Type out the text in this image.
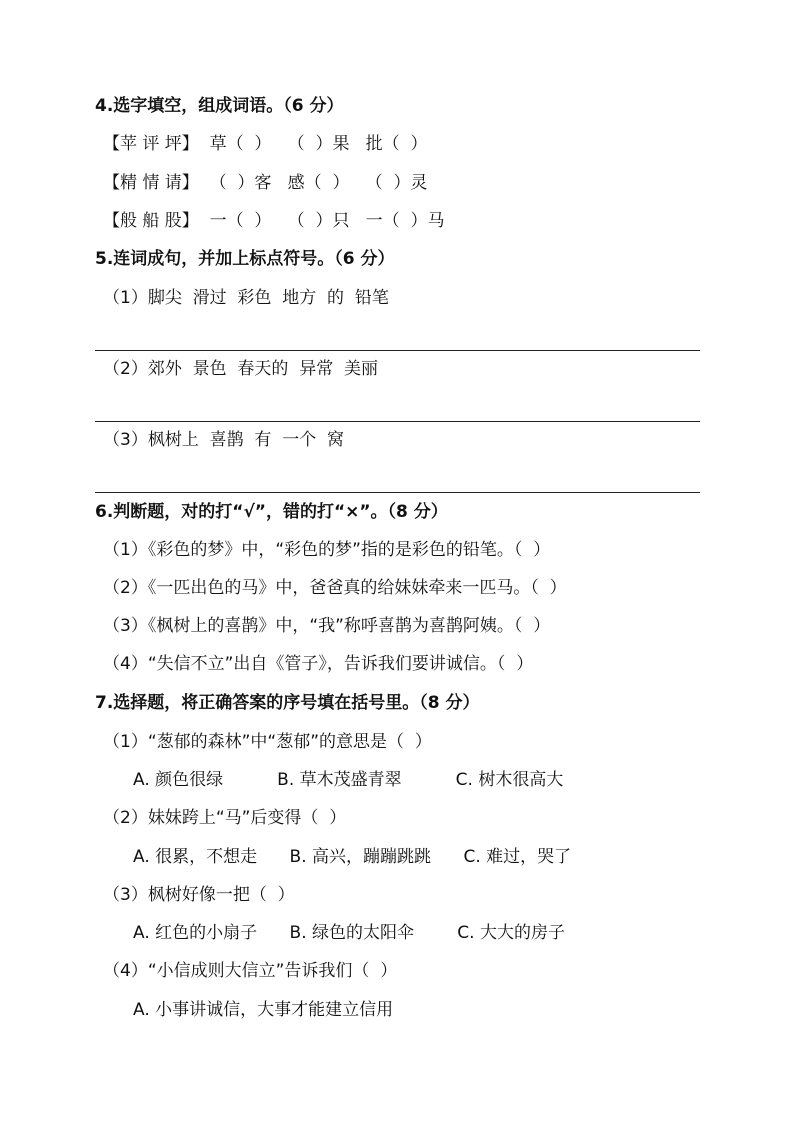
4.选字填空，组成词语。（6 分）
【苹 评 坪】  草（  ）   （  ）果   批（  ）
【精 情 请】  （  ）客   感（  ）   （  ）灵
【般 船 股】  一（  ）   （  ）只   一（  ）马
5.连词成句，并加上标点符号。（6 分）
（1）脚尖  滑过  彩色  地方  的  铅笔
（2）郊外  景色  春天的  异常  美丽
（3）枫树上  喜鹊  有  一个  窝
6.判断题，对的打“√”，错的打“×”。（8 分）
（1）《彩色的梦》中，“彩色的梦”指的是彩色的铅笔。（  ）
（2）《一匹出色的马》中，爸爸真的给妹妹牵来一匹马。（  ）
（3）《枫树上的喜鹊》中，“我”称呼喜鹊为喜鹊阿姨。（  ）
（4）“失信不立”出自《管子》，告诉我们要讲诚信。（  ）
7.选择题，将正确答案的序号填在括号里。（8 分）
（1）“葱郁的森林”中“葱郁”的意思是（  ）
A. 颜色很绿          B. 草木茂盛青翠          C. 树木很高大
（2）妹妹跨上“马”后变得（  ）
A. 很累，不想走      B. 高兴，蹦蹦跳跳      C. 难过，哭了
（3）枫树好像一把（  ）
A. 红色的小扇子      B. 绿色的太阳伞        C. 大大的房子
（4）“小信成则大信立”告诉我们（  ）
A. 小事讲诚信，大事才能建立信用
